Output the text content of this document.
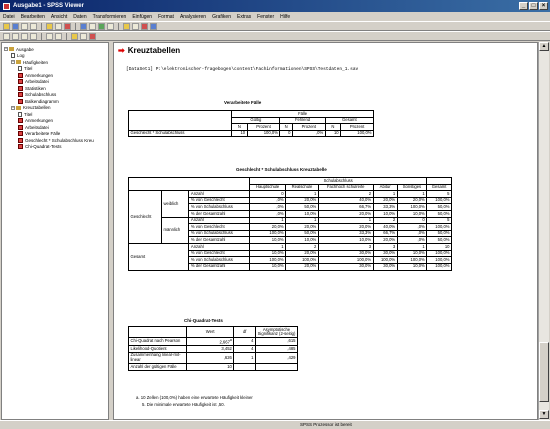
Ausgabe1 - SPSS Viewer	_	□	×
Datei Bearbeiten Ansicht Daten Transformieren Einfügen Format Analysieren Grafiken Extras Fenster Hilfe
− Ausgabe
Log
− Häufigkeiten
Titel
Anmerkungen
Arbeitsdatei
Statistiken
Schulabschluss
Balkendiagramm
− Kreuztabellen
Titel
Anmerkungen
Arbeitsdatei
Verarbeitete Fälle
Geschlecht * Schulabschluss Kreu
Chi-Quadrat-Tests
➡ Kreuztabellen
[DataSet1] P:\elektronischer-fragebogen\content\Fachinformationen\SPSS\Testdaten_1.sav
Verarbeitete Fälle
	Fälle					
	Gültig		Fehlend		Gesamt	
	N	Prozent	N	Prozent	N	Prozent
Geschlecht * Schulabschluss	10	100,0%	0	,0%	10	100,0%
Geschlecht * Schulabschluss Kreuztabelle
			Schulabschluss					
			Hauptschule	Realschule	Fachhoch schulreife	Abitur	Sonstiges	Gesamt
Geschlecht	weiblich	Anzahl	0	1	2	1	1	5
		% von Geschlecht	,0%	20,0%	40,0%	20,0%	20,0%	100,0%
		% von Schulabschluss	,0%	50,0%	66,7%	33,3%	100,0%	50,0%
		% der Gesamtzahl	,0%	10,0%	20,0%	10,0%	10,0%	50,0%
	männlich	Anzahl	1	1	1	2	0	5
		% von Geschlecht	20,0%	20,0%	20,0%	40,0%	,0%	100,0%
		% von Schulabschluss	100,0%	50,0%	33,3%	66,7%	,0%	50,0%
		% der Gesamtzahl	10,0%	10,0%	10,0%	20,0%	,0%	50,0%
Gesamt		Anzahl	1	2	3	3	1	10
		% von Geschlecht	10,0%	20,0%	30,0%	30,0%	10,0%	100,0%
		% von Schulabschluss	100,0%	100,0%	100,0%	100,0%	100,0%	100,0%
		% der Gesamtzahl	10,0%	20,0%	30,0%	30,0%	10,0%	100,0%
Chi-Quadrat-Tests
	Wert	df	Asymptotische Signifikanz (2-seitig)
Chi-Quadrat nach Pearson	2,667$^a$	4	,615
Likelihood-Quotient	3,452	4	,485
Zusammenhang linear-mit-linear	,626	1	,429
Anzahl der gültigen Fälle	10		
a. 10 Zellen (100,0%) haben eine erwartete Häufigkeit kleiner
5. Die minimale erwartete Häufigkeit ist ,50.
▲
▼
SPSS Prozessor ist bereit
